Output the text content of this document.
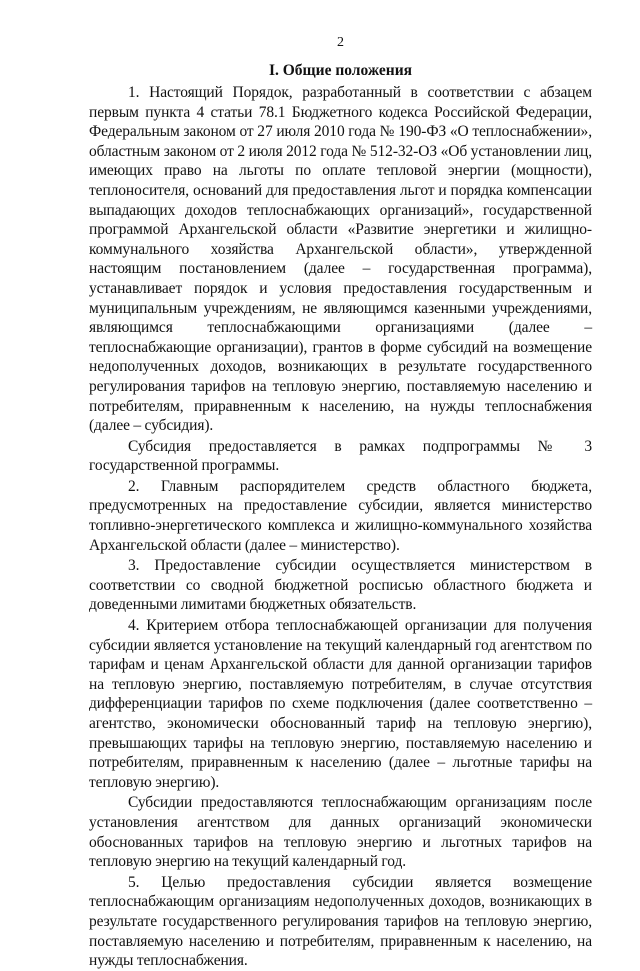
2
I. Общие положения

1. Настоящий Порядок, разработанный в соответствии с абзацем первым пункта 4 статьи 78.1 Бюджетного кодекса Российской Федерации, Федеральным законом от 27 июля 2010 года № 190-ФЗ «О теплоснабжении», областным законом от 2 июля 2012 года № 512-32-ОЗ «Об установлении лиц, имеющих право на льготы по оплате тепловой энергии (мощности), теплоносителя, оснований для предоставления льгот и порядка компенсации выпадающих доходов теплоснабжающих организаций», государственной программой Архангельской области «Развитие энергетики и жилищно-коммунального хозяйства Архангельской области», утвержденной настоящим постановлением (далее – государственная программа), устанавливает порядок и условия предоставления государственным и муниципальным учреждениям, не являющимся казенными учреждениями, являющимся теплоснабжающими организациями (далее – теплоснабжающие организации), грантов в форме субсидий на возмещение недополученных доходов, возникающих в результате государственного регулирования тарифов на тепловую энергию, поставляемую населению и потребителям, приравненным к населению, на нужды теплоснабжения (далее – субсидия).

Субсидия предоставляется в рамках подпрограммы № 3 государственной программы.

2. Главным распорядителем средств областного бюджета, предусмотренных на предоставление субсидии, является министерство топливно-энергетического комплекса и жилищно-коммунального хозяйства Архангельской области (далее – министерство).

3. Предоставление субсидии осуществляется министерством в соответствии со сводной бюджетной росписью областного бюджета и доведенными лимитами бюджетных обязательств.

4. Критерием отбора теплоснабжающей организации для получения субсидии является установление на текущий календарный год агентством по тарифам и ценам Архангельской области для данной организации тарифов на тепловую энергию, поставляемую потребителям, в случае отсутствия дифференциации тарифов по схеме подключения (далее соответственно – агентство, экономически обоснованный тариф на тепловую энергию), превышающих тарифы на тепловую энергию, поставляемую населению и потребителям, приравненным к населению (далее – льготные тарифы на тепловую энергию).

Субсидии предоставляются теплоснабжающим организациям после установления агентством для данных организаций экономически обоснованных тарифов на тепловую энергию и льготных тарифов на тепловую энергию на текущий календарный год.

5. Целью предоставления субсидии является возмещение теплоснабжающим организациям недополученных доходов, возникающих в результате государственного регулирования тарифов на тепловую энергию, поставляемую населению и потребителям, приравненным к населению, на нужды теплоснабжения.
